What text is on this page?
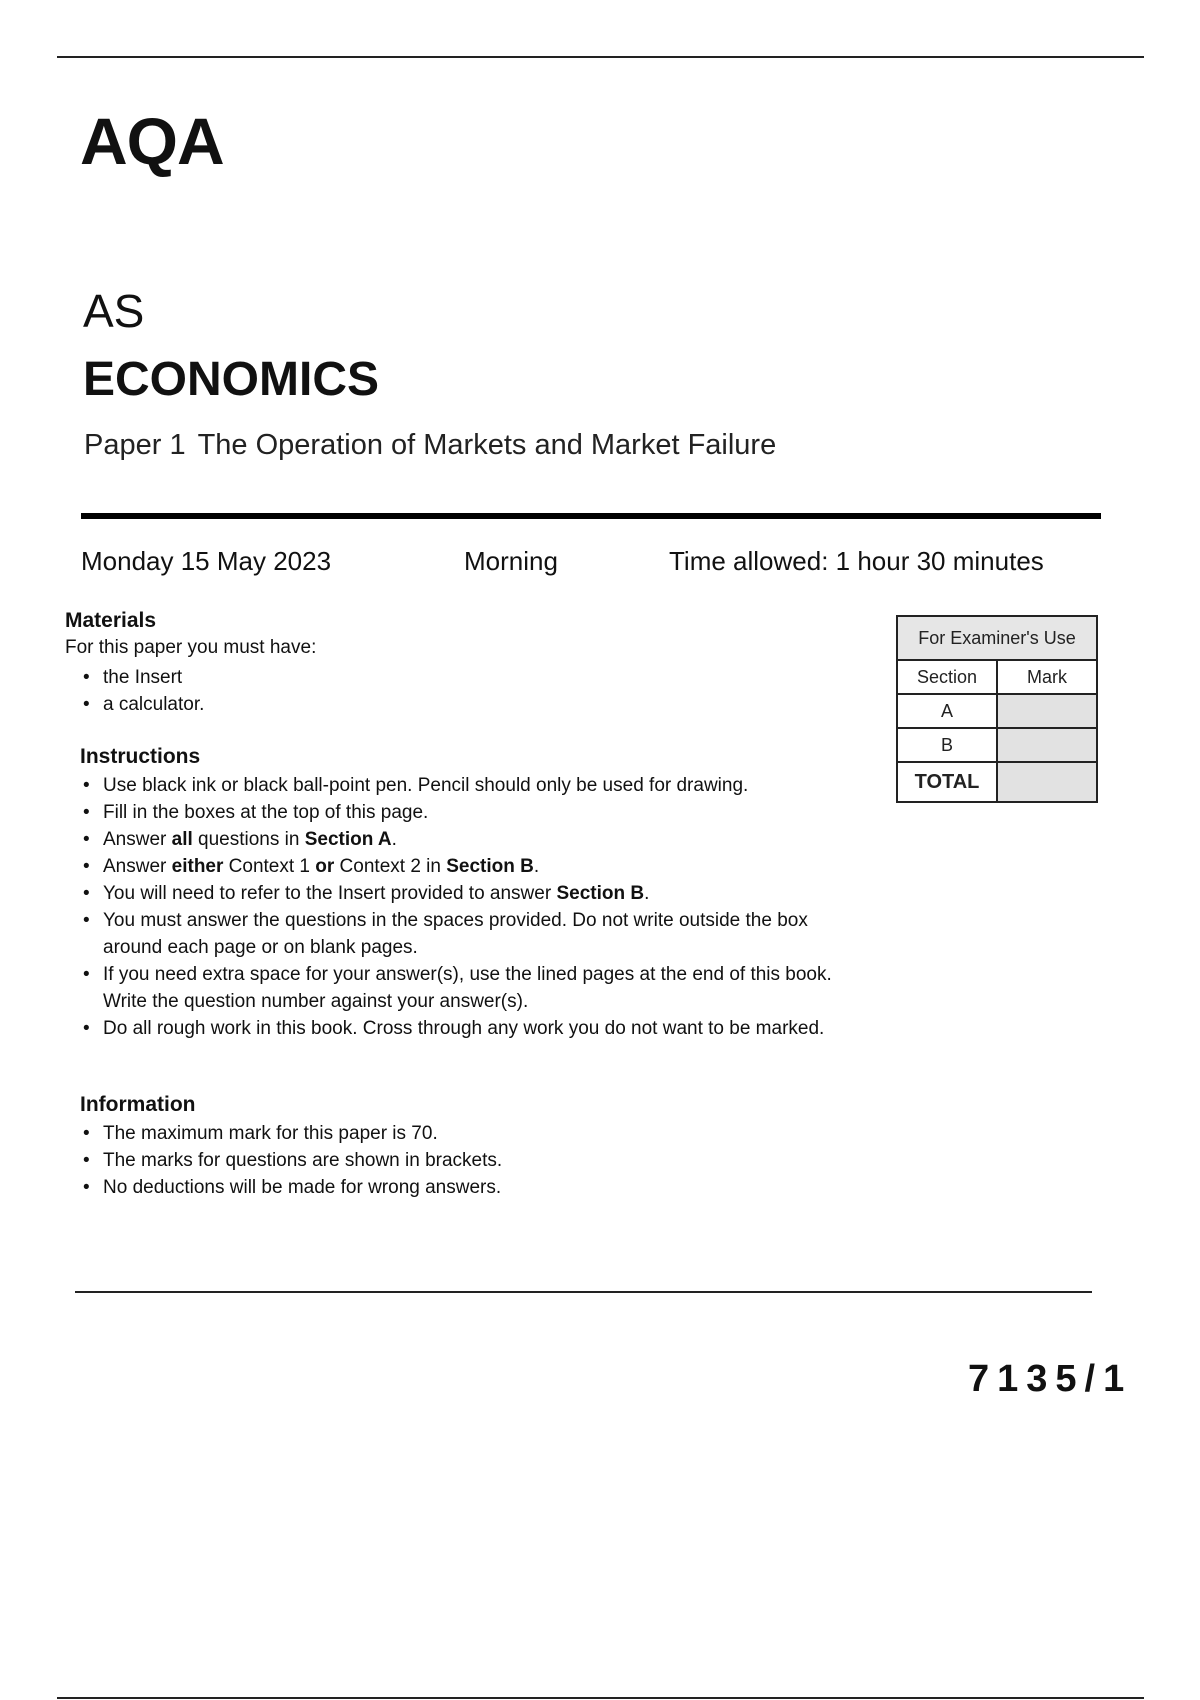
AQA
AS
ECONOMICS
Paper 1 The Operation of Markets and Market Failure
Monday 15 May 2023	Morning	Time allowed: 1 hour 30 minutes
Materials
For this paper you must have:
• the Insert
• a calculator.
Instructions
• Use black ink or black ball-point pen. Pencil should only be used for drawing.
• Fill in the boxes at the top of this page.
• Answer all questions in Section A.
• Answer either Context 1 or Context 2 in Section B.
• You will need to refer to the Insert provided to answer Section B.
• You must answer the questions in the spaces provided. Do not write outside the box around each page or on blank pages.
• If you need extra space for your answer(s), use the lined pages at the end of this book. Write the question number against your answer(s).
• Do all rough work in this book. Cross through any work you do not want to be marked.
Information
• The maximum mark for this paper is 70.
• The marks for questions are shown in brackets.
• No deductions will be made for wrong answers.
For Examiner's Use	
Section	Mark
A	
B	
TOTAL	
7135/1
